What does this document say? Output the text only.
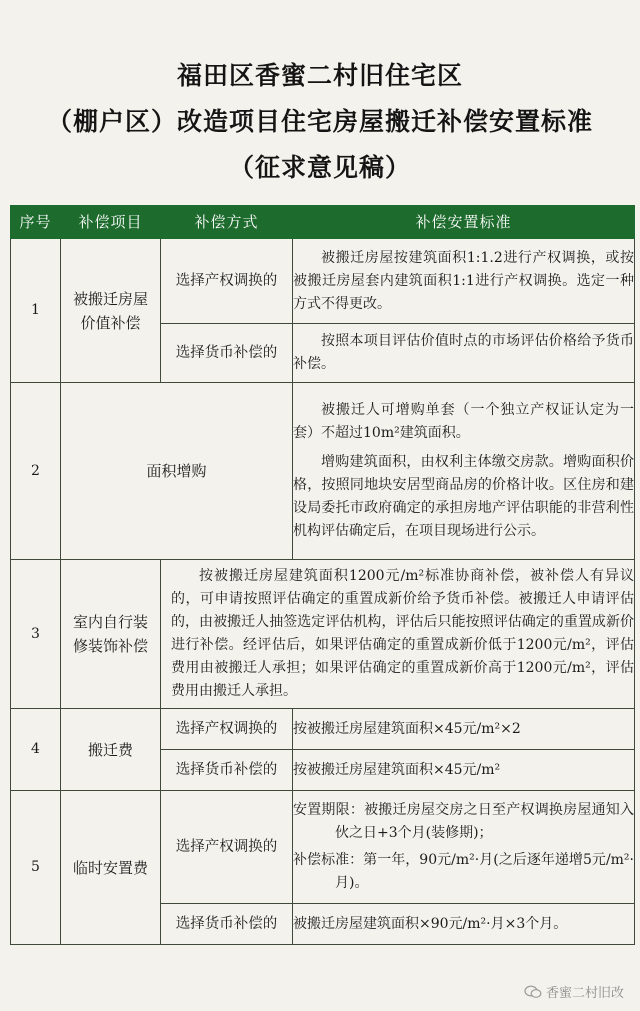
福田区香蜜二村旧住宅区
（棚户区）改造项目住宅房屋搬迁补偿安置标准
（征求意见稿）
序号	补偿项目	补偿方式	补偿安置标准
1	被搬迁房屋价值补偿	选择产权调换的	被搬迁房屋按建筑面积1:1.2进行产权调换，或按被搬迁房屋套内建筑面积1:1进行产权调换。选定一种方式不得更改。
		选择货币补偿的	按照本项目评估价值时点的市场评估价格给予货币补偿。
2	面积增购		被搬迁人可增购单套（一个独立产权证认定为一套）不超过10m²建筑面积。
增购建筑面积，由权利主体缴交房款。增购面积价格，按照同地块安居型商品房的价格计收。区住房和建设局委托市政府确定的承担房地产评估职能的非营利性机构评估确定后，在项目现场进行公示。

3	室内自行装修装饰补偿	按被搬迁房屋建筑面积1200元/m²标准协商补偿，被补偿人有异议的，可申请按照评估确定的重置成新价给予货币补偿。被搬迁人申请评估的，由被搬迁人抽签选定评估机构，评估后只能按照评估确定的重置成新价进行补偿。经评估后，如果评估确定的重置成新价低于1200元/m²，评估费用由被搬迁人承担；如果评估确定的重置成新价高于1200元/m²，评估费用由搬迁人承担。	
4	搬迁费	选择产权调换的	按被搬迁房屋建筑面积×45元/m²×2
		选择货币补偿的	按被搬迁房屋建筑面积×45元/m²
5	临时安置费	选择产权调换的	安置期限：被搬迁房屋交房之日至产权调换房屋通知入伙之日+3个月(装修期)；
补偿标准：第一年，90元/m²·月(之后逐年递增5元/m²·月)。

		选择货币补偿的	被搬迁房屋建筑面积×90元/m²·月×3个月。
香蜜二村旧改
